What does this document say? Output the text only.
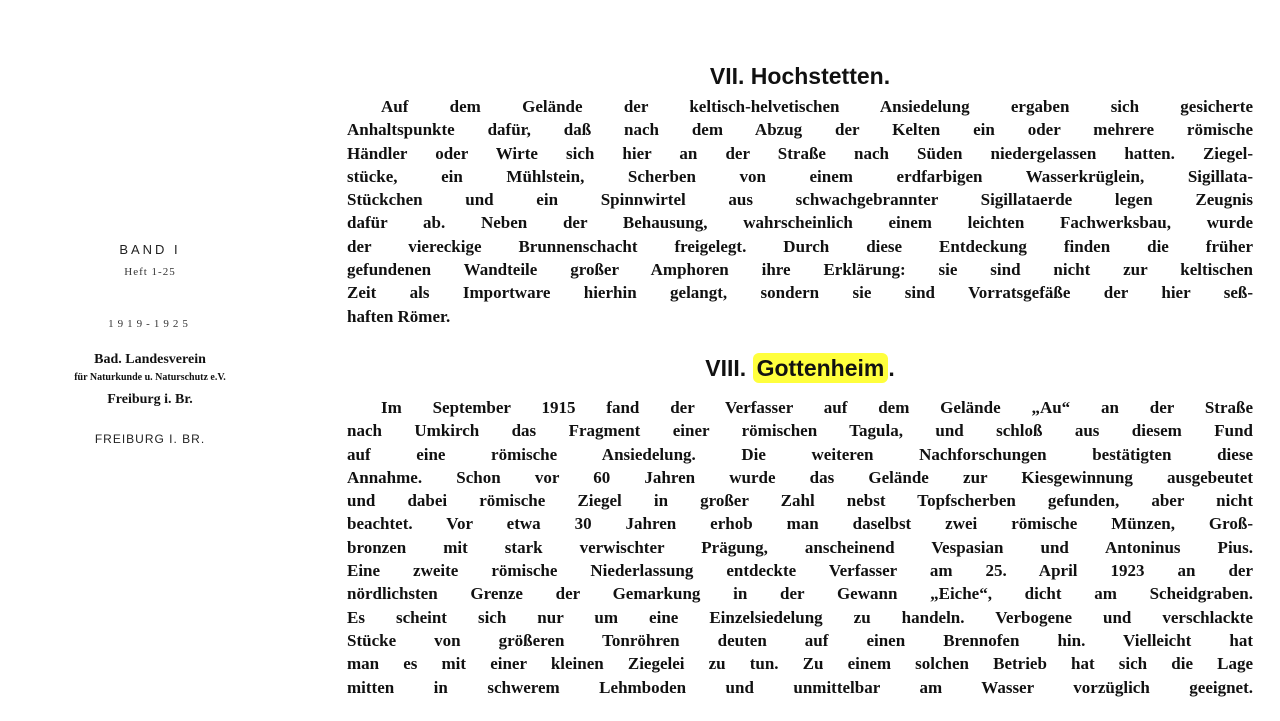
BAND I
Heft 1-25
1919-1925
Bad. Landesverein
für Naturkunde u. Naturschutz e.V.
Freiburg i. Br.
FREIBURG I. BR.
VII. Hochstetten.
Auf dem Gelände der keltisch-helvetischen Ansiedelung ergaben sich gesicherte
Anhaltspunkte dafür, daß nach dem Abzug der Kelten ein oder mehrere römische
Händler oder Wirte sich hier an der Straße nach Süden niedergelassen hatten. Ziegel-
stücke, ein Mühlstein, Scherben von einem erdfarbigen Wasserkrüglein, Sigillata-
Stückchen und ein Spinnwirtel aus schwachgebrannter Sigillataerde legen Zeugnis
dafür ab. Neben der Behausung, wahrscheinlich einem leichten Fachwerksbau, wurde
der viereckige Brunnenschacht freigelegt. Durch diese Entdeckung finden die früher
gefundenen Wandteile großer Amphoren ihre Erklärung: sie sind nicht zur keltischen
Zeit als Importware hierhin gelangt, sondern sie sind Vorratsgefäße der hier seß-
haften Römer.
VIII. Gottenheim .
Im September 1915 fand der Verfasser auf dem Gelände „Au“ an der Straße
nach Umkirch das Fragment einer römischen Tagula, und schloß aus diesem Fund
auf eine römische Ansiedelung. Die weiteren Nachforschungen bestätigten diese
Annahme. Schon vor 60 Jahren wurde das Gelände zur Kiesgewinnung ausgebeutet
und dabei römische Ziegel in großer Zahl nebst Topfscherben gefunden, aber nicht
beachtet. Vor etwa 30 Jahren erhob man daselbst zwei römische Münzen, Groß-
bronzen mit stark verwischter Prägung, anscheinend Vespasian und Antoninus Pius.
Eine zweite römische Niederlassung entdeckte Verfasser am 25. April 1923 an der
nördlichsten Grenze der Gemarkung in der Gewann „Eiche“, dicht am Scheidgraben.
Es scheint sich nur um eine Einzelsiedelung zu handeln. Verbogene und verschlackte
Stücke von größeren Tonröhren deuten auf einen Brennofen hin. Vielleicht hat
man es mit einer kleinen Ziegelei zu tun. Zu einem solchen Betrieb hat sich die Lage
mitten in schwerem Lehmboden und unmittelbar am Wasser vorzüglich geeignet.
